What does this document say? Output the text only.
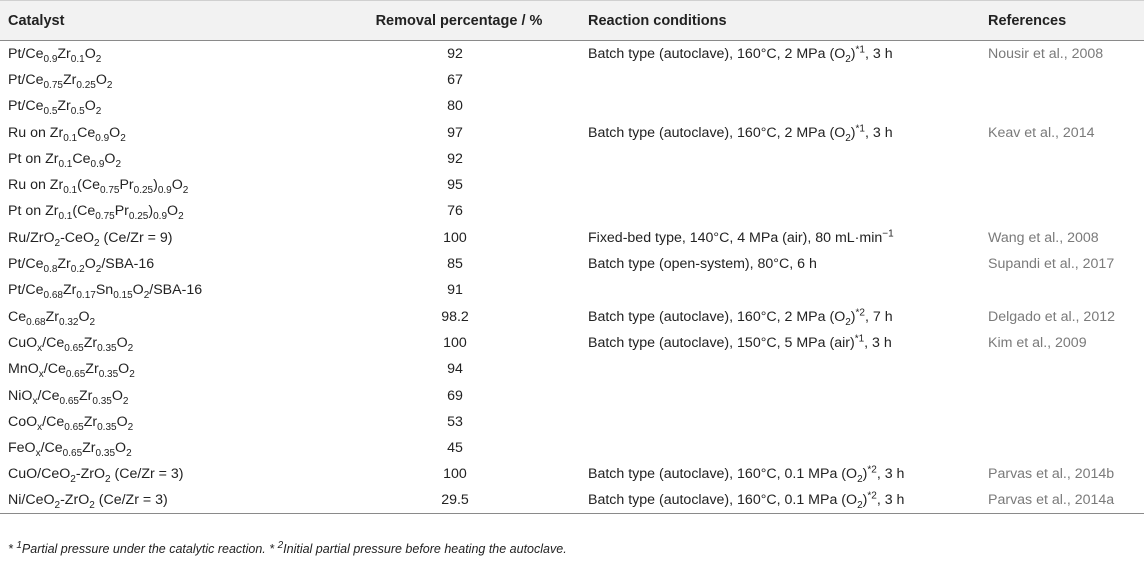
Catalyst	Removal percentage / %	Reaction conditions	References
$Pt/Ce_{0.9}Zr_{0.1}O_2$	92	Batch type (autoclave), 160°C, 2 MPa $(O_2)^{*1}$, 3 h	Nousir et al., 2008
$Pt/Ce_{0.75}Zr_{0.25}O_2$	67		
$Pt/Ce_{0.5}Zr_{0.5}O_2$	80		
Ru on $Zr_{0.1}Ce_{0.9}O_2$	97	Batch type (autoclave), 160°C, 2 MPa $(O_2)^{*1}$, 3 h	Keav et al., 2014
Pt on $Zr_{0.1}Ce_{0.9}O_2$	92		
Ru on $Zr_{0.1}(Ce_{0.75}Pr_{0.25})_{0.9}O_2$	95		
Pt on $Zr_{0.1}(Ce_{0.75}Pr_{0.25})_{0.9}O_2$	76		
Ru/ZrO$_2$-CeO$_2$ (Ce/Zr = 9)	100	Fixed-bed type, 140°C, 4 MPa (air), 80 $mL\cdot\min^{-1}$	Wang et al., 2008
$Pt/Ce_{0.8}Zr_{0.2}O_2/SBA-16$	85	Batch type (open-system), 80°C, 6 h	Supandi et al., 2017
$Pt/Ce_{0.68}Zr_{0.17}Sn_{0.15}O_2/SBA-16$	91		
$Ce_{0.68}Zr_{0.32}O_2$	98.2	Batch type (autoclave), 160°C, 2 MPa $(O_2)^{*2}$, 7 h	Delgado et al., 2012
$CuO_x/Ce_{0.65}Zr_{0.35}O_2$	100	Batch type (autoclave), 150°C, 5 MPa (air)$^{*1}$, 3 h	Kim et al., 2009
$MnO_x/Ce_{0.65}Zr_{0.35}O_2$	94		
$NiO_x/Ce_{0.65}Zr_{0.35}O_2$	69		
$CoO_x/Ce_{0.65}Zr_{0.35}O_2$	53		
$FeO_x/Ce_{0.65}Zr_{0.35}O_2$	45		
CuO/CeO$_2$-ZrO$_2$ (Ce/Zr = 3)	100	Batch type (autoclave), 160°C, 0.1 MPa $(O_2)^{*2}$, 3 h	Parvas et al., 2014b
Ni/CeO$_2$-ZrO$_2$ (Ce/Zr = 3)	29.5	Batch type (autoclave), 160°C, 0.1 MPa $(O_2)^{*2}$, 3 h	Parvas et al., 2014a
* $^1$Partial pressure under the catalytic reaction. * $^2$Initial partial pressure before heating the autoclave.
